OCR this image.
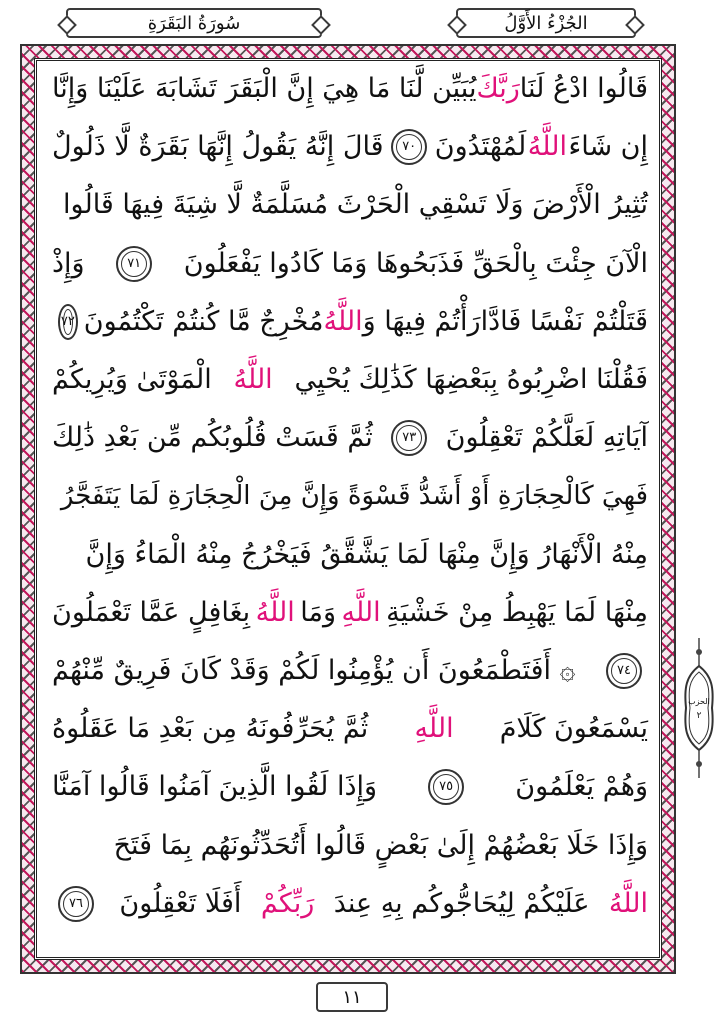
سُورَةُ البَقَرَةِ	الجُزْءُ الأَوَّلُ
قَالُوا ادْعُ لَنَا
رَبَّكَ
يُبَيِّن لَّنَا مَا هِيَ إِنَّ الْبَقَرَ تَشَابَهَ عَلَيْنَا وَإِنَّا
إِن شَاءَ
اللَّهُ
لَمُهْتَدُونَ
٧٠
قَالَ إِنَّهُ يَقُولُ إِنَّهَا بَقَرَةٌ لَّا ذَلُولٌ
تُثِيرُ الْأَرْضَ وَلَا تَسْقِي الْحَرْثَ مُسَلَّمَةٌ لَّا شِيَةَ فِيهَا قَالُوا
الْآنَ جِئْتَ بِالْحَقِّ فَذَبَحُوهَا وَمَا كَادُوا يَفْعَلُونَ
٧١
وَإِذْ
قَتَلْتُمْ نَفْسًا فَادَّارَأْتُمْ فِيهَا وَ
اللَّهُ
مُخْرِجٌ مَّا كُنتُمْ تَكْتُمُونَ
٧٢
فَقُلْنَا اضْرِبُوهُ بِبَعْضِهَا كَذَٰلِكَ يُحْيِي
اللَّهُ
الْمَوْتَىٰ وَيُرِيكُمْ
آيَاتِهِ لَعَلَّكُمْ تَعْقِلُونَ
٧٣
ثُمَّ قَسَتْ قُلُوبُكُم مِّن بَعْدِ ذَٰلِكَ
فَهِيَ كَالْحِجَارَةِ أَوْ أَشَدُّ قَسْوَةً وَإِنَّ مِنَ الْحِجَارَةِ لَمَا يَتَفَجَّرُ
مِنْهُ الْأَنْهَارُ وَإِنَّ مِنْهَا لَمَا يَشَّقَّقُ فَيَخْرُجُ مِنْهُ الْمَاءُ وَإِنَّ
مِنْهَا لَمَا يَهْبِطُ مِنْ خَشْيَةِ
اللَّهِ
وَمَا
اللَّهُ
بِغَافِلٍ عَمَّا تَعْمَلُونَ
٧٤
۞ أَفَتَطْمَعُونَ أَن يُؤْمِنُوا لَكُمْ وَقَدْ كَانَ فَرِيقٌ مِّنْهُمْ
يَسْمَعُونَ كَلَامَ
اللَّهِ
ثُمَّ يُحَرِّفُونَهُ مِن بَعْدِ مَا عَقَلُوهُ
وَهُمْ يَعْلَمُونَ
٧٥
وَإِذَا لَقُوا الَّذِينَ آمَنُوا قَالُوا آمَنَّا
وَإِذَا خَلَا بَعْضُهُمْ إِلَىٰ بَعْضٍ قَالُوا أَتُحَدِّثُونَهُم بِمَا فَتَحَ
اللَّهُ
عَلَيْكُمْ لِيُحَاجُّوكُم بِهِ عِندَ
رَبِّكُمْ
أَفَلَا تَعْقِلُونَ
٧٦
الحزب
٢
١١
